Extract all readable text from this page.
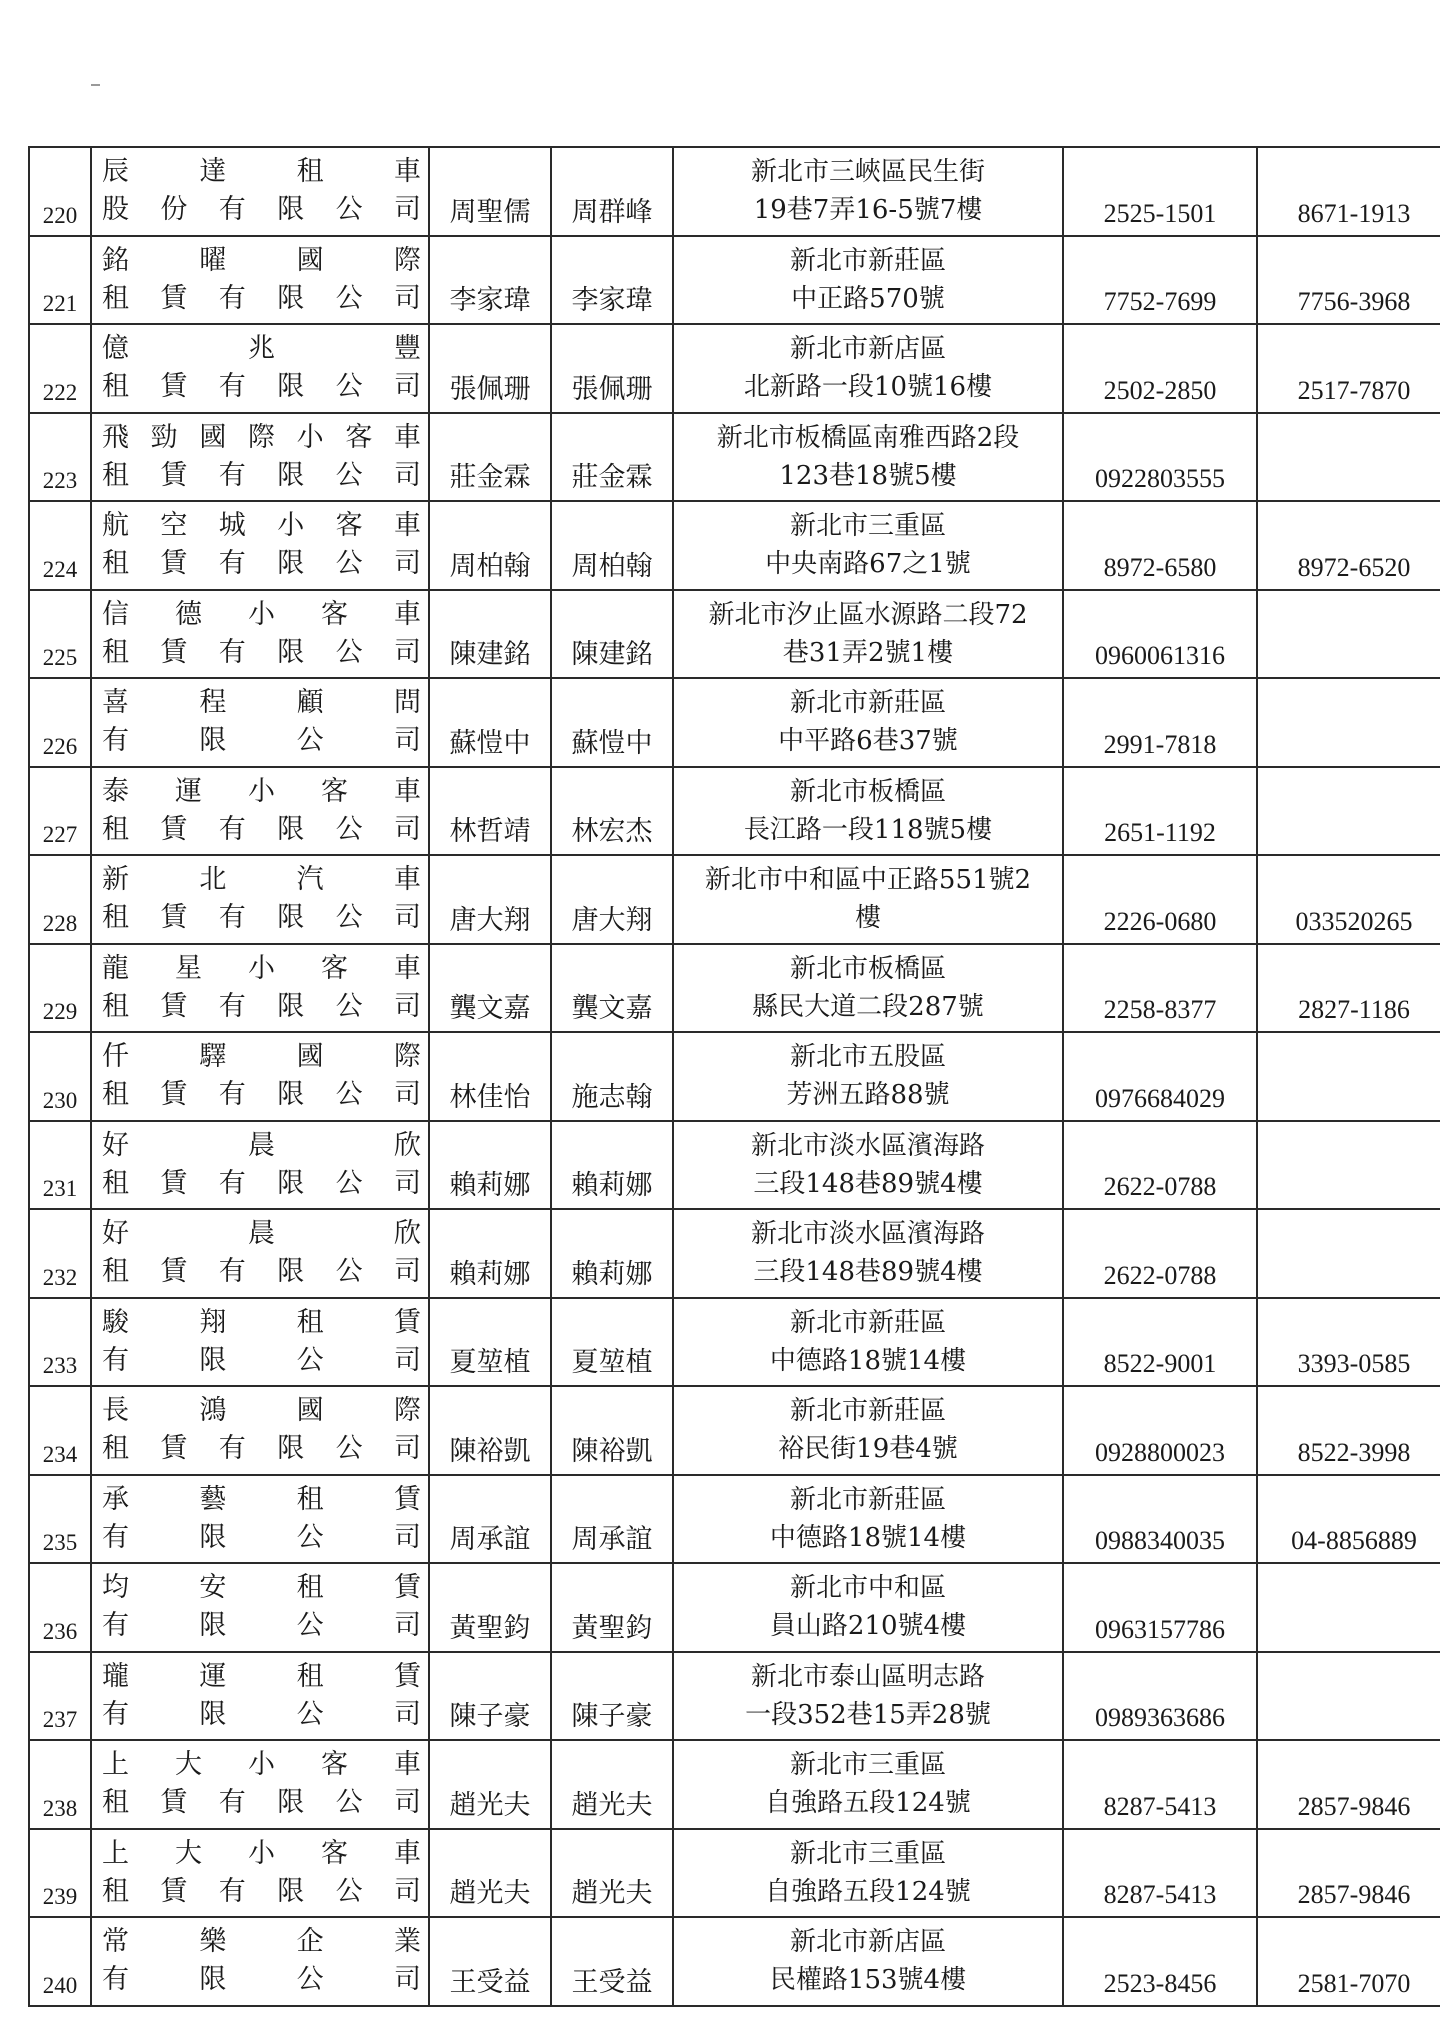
220	辰　達　租　車
股份有限公司	周聖儒	周群峰	新北市三峽區民生街
19巷7弄16-5號7樓	2525-1501	8671-1913
221	銘　曜　國　際
租賃有限公司	李家瑋	李家瑋	新北市新莊區
中正路570號	7752-7699	7756-3968
222	億　兆　豐
租賃有限公司	張佩珊	張佩珊	新北市新店區
北新路一段10號16樓	2502-2850	2517-7870
223	飛勁國際小客車
租賃有限公司	莊金霖	莊金霖	新北市板橋區南雅西路2段
123巷18號5樓	0922803555	
224	航空城小客車
租賃有限公司	周柏翰	周柏翰	新北市三重區
中央南路67之1號	8972-6580	8972-6520
225	信　德　小　客　車
租賃有限公司	陳建銘	陳建銘	新北市汐止區水源路二段72
巷31弄2號1樓	0960061316	
226	喜　程　顧　問
有　限　公　司	蘇愷中	蘇愷中	新北市新莊區
中平路6巷37號	2991-7818	
227	泰　運　小　客　車
租賃有限公司	林哲靖	林宏杰	新北市板橋區
長江路一段118號5樓	2651-1192	
228	新　北　汽　車
租賃有限公司	唐大翔	唐大翔	新北市中和區中正路551號2
樓	2226-0680	033520265
229	龍　星　小　客　車
租賃有限公司	龔文嘉	龔文嘉	新北市板橋區
縣民大道二段287號	2258-8377	2827-1186
230	仟　驛　國　際
租賃有限公司	林佳怡	施志翰	新北市五股區
芳洲五路88號	0976684029	
231	好　晨　欣
租賃有限公司	賴莉娜	賴莉娜	新北市淡水區濱海路
三段148巷89號4樓	2622-0788	
232	好　晨　欣
租賃有限公司	賴莉娜	賴莉娜	新北市淡水區濱海路
三段148巷89號4樓	2622-0788	
233	駿　翔　租　賃
有　限　公　司	夏堃植	夏堃植	新北市新莊區
中德路18號14樓	8522-9001	3393-0585
234	長　鴻　國　際
租賃有限公司	陳裕凱	陳裕凱	新北市新莊區
裕民街19巷4號	0928800023	8522-3998
235	承　藝　租　賃
有　限　公　司	周承誼	周承誼	新北市新莊區
中德路18號14樓	0988340035	04-8856889
236	均　安　租　賃
有　限　公　司	黃聖鈞	黃聖鈞	新北市中和區
員山路210號4樓	0963157786	
237	瓏　運　租　賃
有　限　公　司	陳子豪	陳子豪	新北市泰山區明志路
一段352巷15弄28號	0989363686	
238	上　大　小　客　車
租賃有限公司	趙光夫	趙光夫	新北市三重區
自強路五段124號	8287-5413	2857-9846
239	上　大　小　客　車
租賃有限公司	趙光夫	趙光夫	新北市三重區
自強路五段124號	8287-5413	2857-9846
240	常　樂　企　業
有　限　公　司	王受益	王受益	新北市新店區
民權路153號4樓	2523-8456	2581-7070
